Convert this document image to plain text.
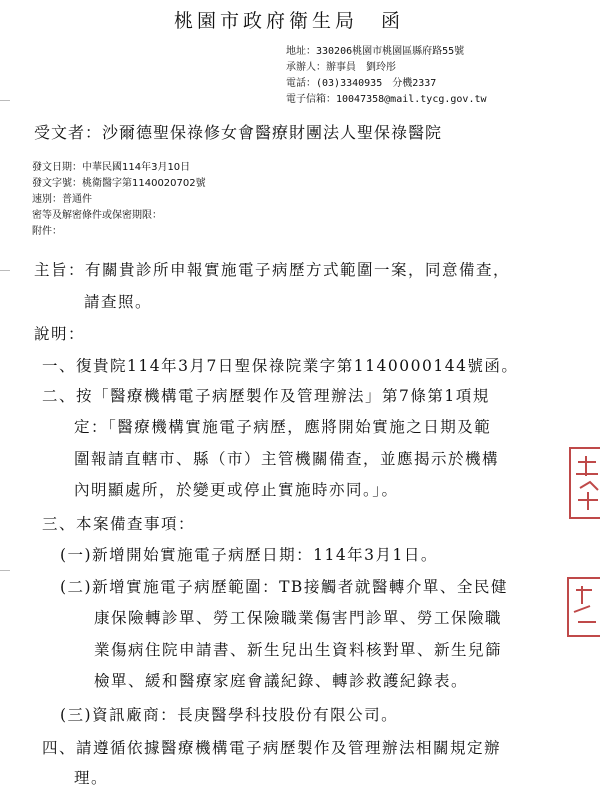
桃園市政府衛生局　函
地址：330206桃園市桃園區縣府路55號
承辦人：辦事員　劉玲彤
電話：(03)3340935　分機2337
電子信箱：10047358@mail.tycg.gov.tw
受文者：沙爾德聖保祿修女會醫療財團法人聖保祿醫院
發文日期：中華民國114年3月10日
發文字號：桃衛醫字第1140020702號
速別：普通件
密等及解密條件或保密期限：
附件：
主旨：有關貴診所申報實施電子病歷方式範圍一案，同意備查，
請查照。
說明：
一、復貴院114年3月7日聖保祿院業字第1140000144號函。
二、按「醫療機構電子病歷製作及管理辦法」第7條第1項規
定：「醫療機構實施電子病歷，應將開始實施之日期及範
圍報請直轄市、縣（市）主管機關備查，並應揭示於機構
內明顯處所，於變更或停止實施時亦同。」。
三、本案備查事項：
(一)新增開始實施電子病歷日期：114年3月1日。
(二)新增實施電子病歷範圍：TB接觸者就醫轉介單、全民健
康保險轉診單、勞工保險職業傷害門診單、勞工保險職
業傷病住院申請書、新生兒出生資料核對單、新生兒篩
檢單、緩和醫療家庭會議紀錄、轉診救護紀錄表。
(三)資訊廠商：長庚醫學科技股份有限公司。
四、請遵循依據醫療機構電子病歷製作及管理辦法相關規定辦
理。
